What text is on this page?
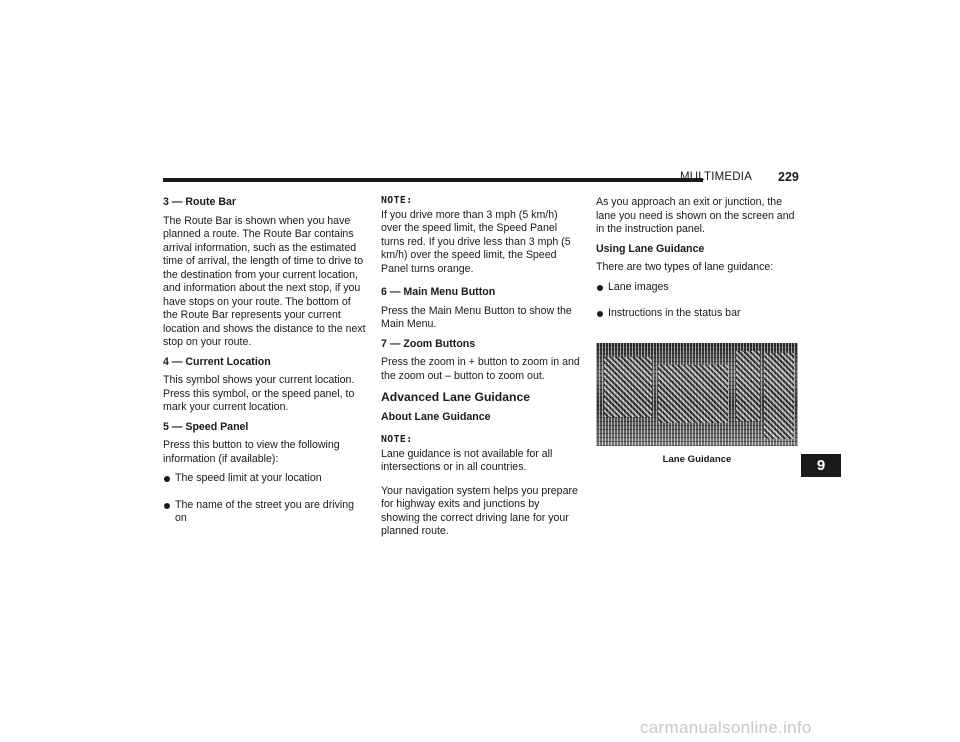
MULTIMEDIA 229
3 — Route Bar
The Route Bar is shown when you have planned a route. The Route Bar contains arrival information, such as the estimated time of arrival, the length of time to drive to the destination from your current location, and information about the next stop, if you have stops on your route. The bottom of the Route Bar represents your current location and shows the distance to the next stop on your route.
4 — Current Location
This symbol shows your current location. Press this symbol, or the speed panel, to mark your current location.
5 — Speed Panel
Press this button to view the following information (if available):
The speed limit at your location
The name of the street you are driving on
NOTE:
If you drive more than 3 mph (5 km/h) over the speed limit, the Speed Panel turns red. If you drive less than 3 mph (5 km/h) over the speed limit, the Speed Panel turns orange.
6 — Main Menu Button
Press the Main Menu Button to show the Main Menu.
7 — Zoom Buttons
Press the zoom in + button to zoom in and the zoom out – button to zoom out.
Advanced Lane Guidance
About Lane Guidance
NOTE:
Lane guidance is not available for all intersections or in all countries.
Your navigation system helps you prepare for highway exits and junctions by showing the correct driving lane for your planned route.
As you approach an exit or junction, the lane you need is shown on the screen and in the instruction panel.
Using Lane Guidance
There are two types of lane guidance:
Lane images
Instructions in the status bar
Lane Guidance	9
carmanualsonline.info
